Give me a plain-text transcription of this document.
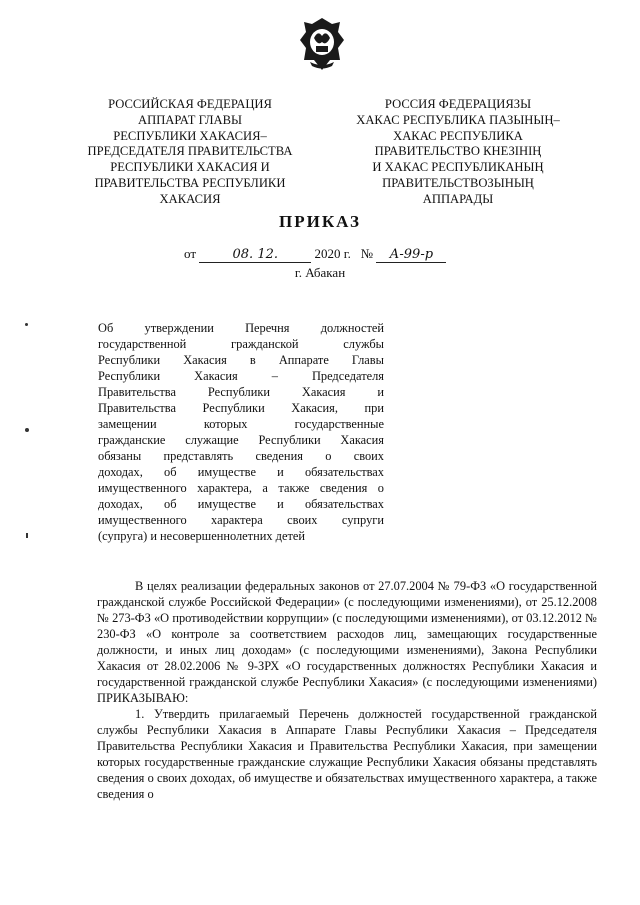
РОССИЙСКАЯ ФЕДЕРАЦИЯ
АППАРАТ ГЛАВЫ
РЕСПУБЛИКИ ХАКАСИЯ–
ПРЕДСЕДАТЕЛЯ ПРАВИТЕЛЬСТВА
РЕСПУБЛИКИ ХАКАСИЯ И
ПРАВИТЕЛЬСТВА РЕСПУБЛИКИ
ХАКАСИЯ
РОССИЯ ФЕДЕРАЦИЯЗЫ
ХАКАС РЕСПУБЛИКА ПАЗЫНЫҢ–
ХАКАС РЕСПУБЛИКА
ПРАВИТЕЛЬСТВО КНЕЗIНIҢ
И ХАКАС РЕСПУБЛИКАНЫҢ
ПРАВИТЕЛЬСТВОЗЫНЫҢ
АППАРАДЫ
ПРИКАЗ
от	08. 12.	2020 г. № А-99-р
г. Абакан
Об утверждении Перечня должностей
государственной гражданской службы
Республики Хакасия в Аппарате Главы
Республики Хакасия – Председателя
Правительства Республики Хакасия и
Правительства Республики Хакасия, при
замещении которых государственные
гражданские служащие Республики Хакасия
обязаны представлять сведения о своих
доходах, об имуществе и обязательствах
имущественного характера, а также сведения о
доходах, об имуществе и обязательствах
имущественного характера своих супруги
(супруга) и несовершеннолетних детей

В целях реализации федеральных законов от 27.07.2004 № 79-ФЗ «О государственной гражданской службе Российской Федерации» (с последующими изменениями), от 25.12.2008 № 273-ФЗ «О противодействии коррупции» (с последующими изменениями), от 03.12.2012 № 230-ФЗ «О контроле за соответствием расходов лиц, замещающих государственные должности, и иных лиц доходам» (с последующими изменениями), Закона Республики Хакасия от 28.02.2006 № 9-ЗРХ «О государственных должностях Республики Хакасия и государственной гражданской службе Республики Хакасия» (с последующими изменениями) ПРИКАЗЫВАЮ:

1. Утвердить прилагаемый Перечень должностей государственной гражданской службы Республики Хакасия в Аппарате Главы Республики Хакасия – Председателя Правительства Республики Хакасия и Правительства Республики Хакасия, при замещении которых государственные гражданские служащие Республики Хакасия обязаны представлять сведения о своих доходах, об имуществе и обязательствах имущественного характера, а также сведения о
